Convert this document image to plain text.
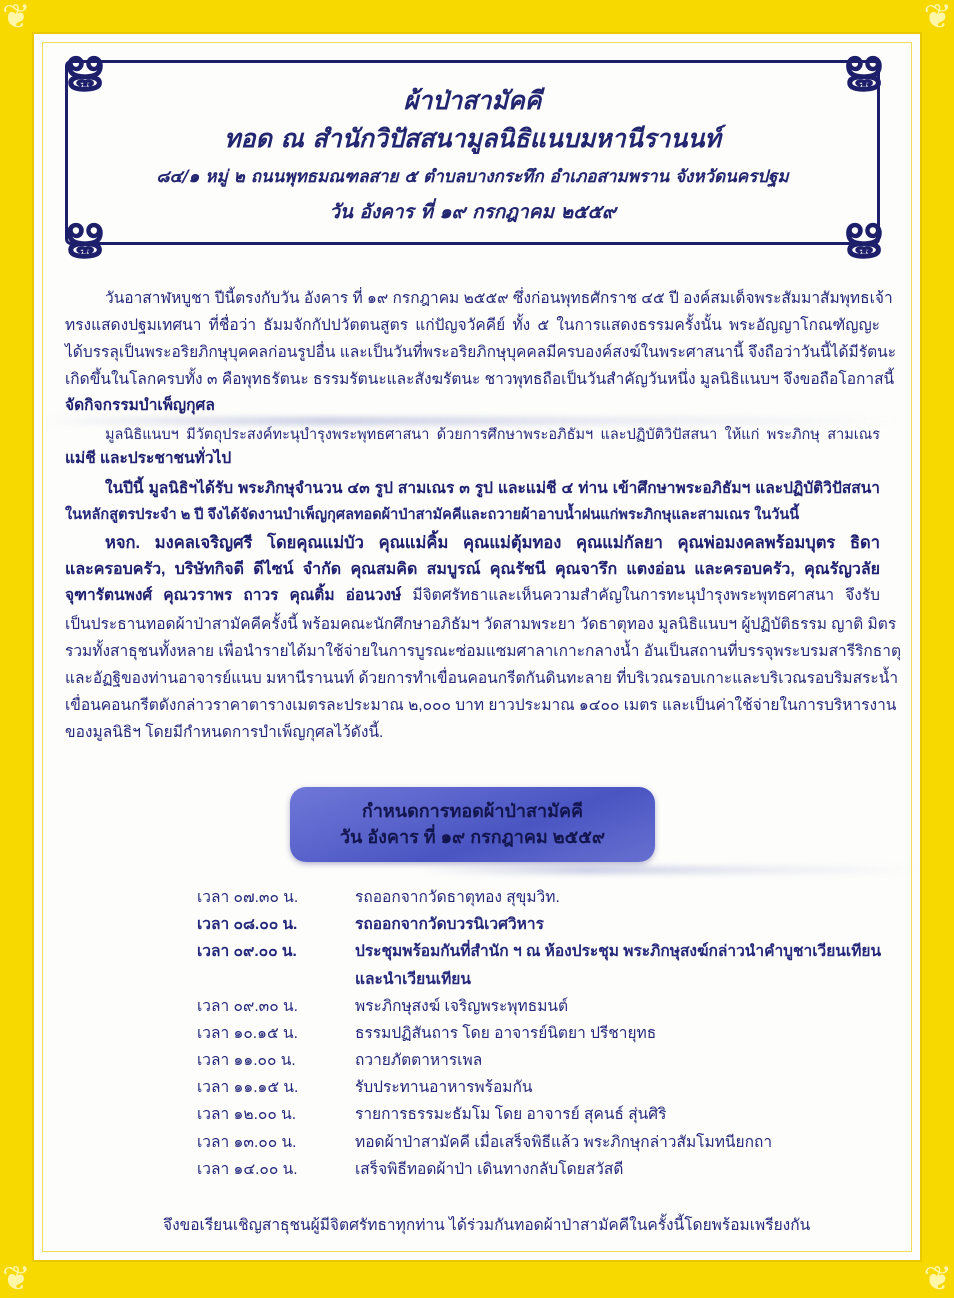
❦	❦
❦	❦
ൠ	ൠ
ൠ	ൠ
ผ้าป่าสามัคคี
ทอด ณ สำนักวิปัสสนามูลนิธิแนบมหานีรานนท์
๘๔/๑ หมู่ ๒ ถนนพุทธมณฑลสาย ๕ ตำบลบางกระทึก อำเภอสามพราน จังหวัดนครปฐม
วัน อังคาร ที่ ๑๙ กรกฎาคม ๒๕๕๙
วันอาสาฬหบูชา ปีนี้ตรงกับวัน อังคาร ที่ ๑๙ กรกฎาคม ๒๕๕๙ ซึ่งก่อนพุทธศักราช ๔๕ ปี องค์สมเด็จพระสัมมาสัมพุทธเจ้า
ทรงแสดงปฐมเทศนา ที่ชื่อว่า ธัมมจักกัปปวัตตนสูตร แก่ปัญจวัคคีย์ ทั้ง ๕ ในการแสดงธรรมครั้งนั้น พระอัญญาโกณฑัญญะ
ได้บรรลุเป็นพระอริยภิกษุบุคคลก่อนรูปอื่น และเป็นวันที่พระอริยภิกษุบุคคลมีครบองค์สงฆ์ในพระศาสนานี้ จึงถือว่าวันนี้ได้มีรัตนะ
เกิดขึ้นในโลกครบทั้ง ๓ คือพุทธรัตนะ ธรรมรัตนะและสังฆรัตนะ ชาวพุทธถือเป็นวันสำคัญวันหนึ่ง มูลนิธิแนบฯ จึงขอถือโอกาสนี้
จัดกิจกรรมบำเพ็ญกุศล
มูลนิธิแนบฯ มีวัตถุประสงค์ทะนุบำรุงพระพุทธศาสนา ด้วยการศึกษาพระอภิธัมฯ และปฏิบัติวิปัสสนา ให้แก่ พระภิกษุ สามเณร
แม่ชี และประชาชนทั่วไป
ในปีนี้ มูลนิธิฯได้รับ พระภิกษุจำนวน ๔๓ รูป สามเณร ๓ รูป และแม่ชี ๔ ท่าน เข้าศึกษาพระอภิธัมฯ และปฏิบัติวิปัสสนา
ในหลักสูตรประจำ ๒ ปี จึงได้จัดงานบำเพ็ญกุศลทอดผ้าป่าสามัคคีและถวายผ้าอาบน้ำฝนแก่พระภิกษุและสามเณร ในวันนี้
หจก. มงคลเจริญศรี โดยคุณแม่บัว คุณแม่คิ้ม คุณแม่ตุ้มทอง คุณแม่กัลยา คุณพ่อมงคลพร้อมบุตร ธิดา
และครอบครัว, บริษัทกิจดี ดีไซน์ จำกัด คุณสมคิด สมบูรณ์ คุณรัชนี คุณจารึก แตงอ่อน และครอบครัว, คุณรัญวลัย
จุฑารัตนพงศ์ คุณวราพร ถาวร คุณติ้ม อ่อนวงษ์ มีจิตศรัทธาและเห็นความสำคัญในการทะนุบำรุงพระพุทธศาสนา จึงรับ
เป็นประธานทอดผ้าป่าสามัคคีครั้งนี้ พร้อมคณะนักศึกษาอภิธัมฯ วัดสามพระยา วัดธาตุทอง มูลนิธิแนบฯ ผู้ปฏิบัติธรรม ญาติ มิตร
รวมทั้งสาธุชนทั้งหลาย เพื่อนำรายได้มาใช้จ่ายในการบูรณะซ่อมแซมศาลาเกาะกลางน้ำ อันเป็นสถานที่บรรจุพระบรมสารีริกธาตุ
และอัฏฐิของท่านอาจารย์แนบ มหานีรานนท์ ด้วยการทำเขื่อนคอนกรีตกันดินทะลาย ที่บริเวณรอบเกาะและบริเวณรอบริมสระน้ำ
เขื่อนคอนกรีตดังกล่าวราคาตารางเมตรละประมาณ ๒,๐๐๐ บาท ยาวประมาณ ๑๔๐๐ เมตร และเป็นค่าใช้จ่ายในการบริหารงาน
ของมูลนิธิฯ โดยมีกำหนดการบำเพ็ญกุศลไว้ดังนี้.
กำหนดการทอดผ้าป่าสามัคคี
วัน อังคาร ที่ ๑๙ กรกฎาคม ๒๕๕๙
เวลา ๐๗.๓๐ น.	รถออกจากวัดธาตุทอง สุขุมวิท.
เวลา ๐๘.๐๐ น.	รถออกจากวัดบวรนิเวศวิหาร
เวลา ๐๙.๐๐ น.	ประชุมพร้อมกันที่สำนัก ฯ ณ ห้องประชุม พระภิกษุสงฆ์กล่าวนำคำบูชาเวียนเทียน
และนำเวียนเทียน
เวลา ๐๙.๓๐ น.	พระภิกษุสงฆ์ เจริญพระพุทธมนต์
เวลา ๑๐.๑๕ น.	ธรรมปฏิสันถาร โดย อาจารย์นิตยา ปรีชายุทธ
เวลา ๑๑.๐๐ น.	ถวายภัตตาหารเพล
เวลา ๑๑.๑๕ น.	รับประทานอาหารพร้อมกัน
เวลา ๑๒.๐๐ น.	รายการธรรมะธัมโม โดย อาจารย์ สุคนธ์ สุ่นศิริ
เวลา ๑๓.๐๐ น.	ทอดผ้าป่าสามัคคี เมื่อเสร็จพิธีแล้ว พระภิกษุกล่าวสัมโมทนียกถา
เวลา ๑๔.๐๐ น.	เสร็จพิธีทอดผ้าป่า เดินทางกลับโดยสวัสดี
จึงขอเรียนเชิญสาธุชนผู้มีจิตศรัทธาทุกท่าน ได้ร่วมกันทอดผ้าป่าสามัคคีในครั้งนี้โดยพร้อมเพรียงกัน
